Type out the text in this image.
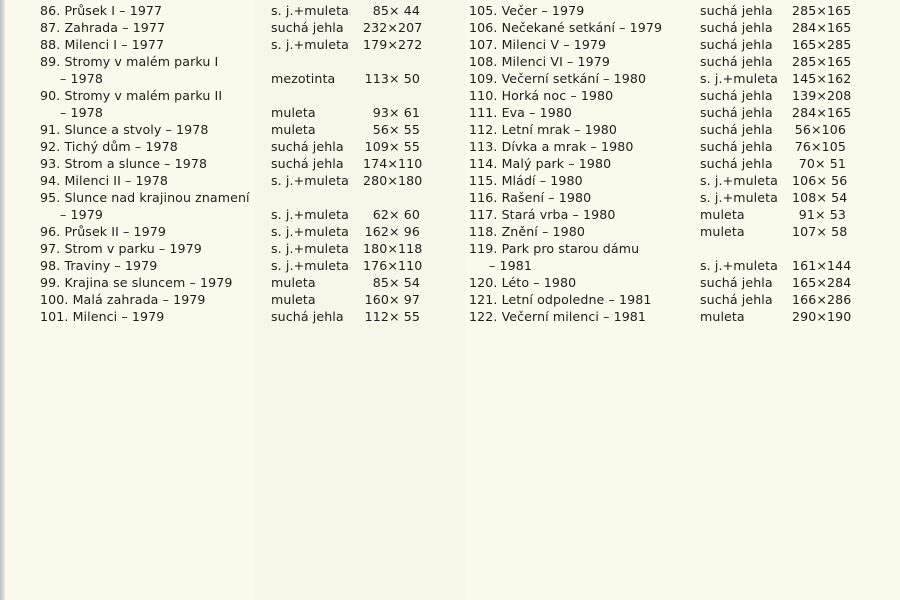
86. Průsek I – 1977	s. j.+muleta	85× 44
87. Zahrada – 1977	suchá jehla	232×207
88. Milenci I – 1977	s. j.+muleta	179×272
89. Stromy v malém parku I
– 1978	mezotinta	113× 50
90. Stromy v malém parku II
– 1978	muleta	93× 61
91. Slunce a stvoly – 1978	muleta	56× 55
92. Tichý dům – 1978	suchá jehla	109× 55
93. Strom a slunce – 1978	suchá jehla	174×110
94. Milenci II – 1978	s. j.+muleta	280×180
95. Slunce nad krajinou znamení
– 1979	s. j.+muleta	62× 60
96. Průsek II – 1979	s. j.+muleta	162× 96
97. Strom v parku – 1979	s. j.+muleta	180×118
98. Traviny – 1979	s. j.+muleta	176×110
99. Krajina se sluncem – 1979	muleta	85× 54
100. Malá zahrada – 1979	muleta	160× 97
101. Milenci – 1979	suchá jehla	112× 55
105. Večer – 1979	suchá jehla	285×165
106. Nečekané setkání – 1979	suchá jehla	284×165
107. Milenci V – 1979	suchá jehla	165×285
108. Milenci VI – 1979	suchá jehla	285×165
109. Večerní setkání – 1980	s. j.+muleta	145×162
110. Horká noc – 1980	suchá jehla	139×208
111. Eva – 1980	suchá jehla	284×165
112. Letní mrak – 1980	suchá jehla	56×106
113. Dívka a mrak – 1980	suchá jehla	76×105
114. Malý park – 1980	suchá jehla	70× 51
115. Mládí – 1980	s. j.+muleta	106× 56
116. Rašení – 1980	s. j.+muleta	108× 54
117. Stará vrba – 1980	muleta	91× 53
118. Znění – 1980	muleta	107× 58
119. Park pro starou dámu
– 1981	s. j.+muleta	161×144
120. Léto – 1980	suchá jehla	165×284
121. Letní odpoledne – 1981	suchá jehla	166×286
122. Večerní milenci – 1981	muleta	290×190
